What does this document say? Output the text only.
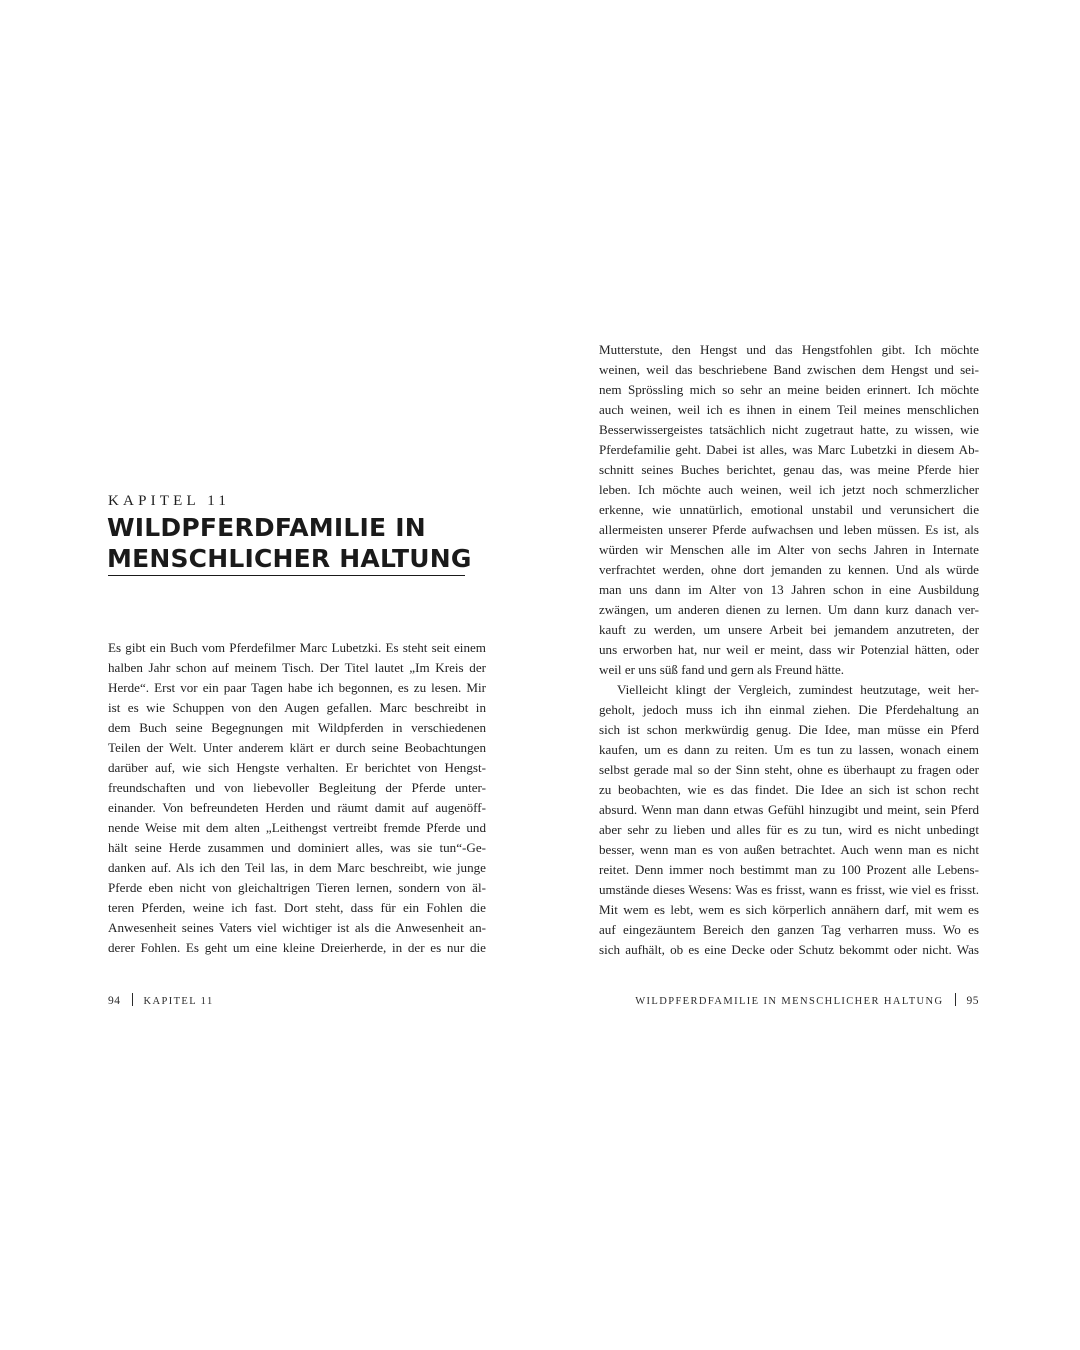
KAPITEL 11
WILDPFERDFAMILIE IN
MENSCHLICHER HALTUNG
Es gibt ein Buch vom Pferdefilmer Marc Lubetzki. Es steht seit einem
halben Jahr schon auf meinem Tisch. Der Titel lautet „Im Kreis der
Herde“. Erst vor ein paar Tagen habe ich begonnen, es zu lesen. Mir
ist es wie Schuppen von den Augen gefallen. Marc beschreibt in
dem Buch seine Begegnungen mit Wildpferden in verschiedenen
Teilen der Welt. Unter anderem klärt er durch seine Beobachtungen
darüber auf, wie sich Hengste verhalten. Er berichtet von Hengst-
freundschaften und von liebevoller Begleitung der Pferde unter-
einander. Von befreundeten Herden und räumt damit auf augenöff-
nende Weise mit dem alten „Leithengst vertreibt fremde Pferde und
hält seine Herde zusammen und dominiert alles, was sie tun“-Ge-
danken auf. Als ich den Teil las, in dem Marc beschreibt, wie junge
Pferde eben nicht von gleichaltrigen Tieren lernen, sondern von äl-
teren Pferden, weine ich fast. Dort steht, dass für ein Fohlen die
Anwesenheit seines Vaters viel wichtiger ist als die Anwesenheit an-
derer Fohlen. Es geht um eine kleine Dreierherde, in der es nur die
94 KAPITEL 11
Mutterstute, den Hengst und das Hengstfohlen gibt. Ich möchte
weinen, weil das beschriebene Band zwischen dem Hengst und sei-
nem Sprössling mich so sehr an meine beiden erinnert. Ich möchte
auch weinen, weil ich es ihnen in einem Teil meines menschlichen
Besserwissergeistes tatsächlich nicht zugetraut hatte, zu wissen, wie
Pferdefamilie geht. Dabei ist alles, was Marc Lubetzki in diesem Ab-
schnitt seines Buches berichtet, genau das, was meine Pferde hier
leben. Ich möchte auch weinen, weil ich jetzt noch schmerzlicher
erkenne, wie unnatürlich, emotional unstabil und verunsichert die
allermeisten unserer Pferde aufwachsen und leben müssen. Es ist, als
würden wir Menschen alle im Alter von sechs Jahren in Internate
verfrachtet werden, ohne dort jemanden zu kennen. Und als würde
man uns dann im Alter von 13 Jahren schon in eine Ausbildung
zwängen, um anderen dienen zu lernen. Um dann kurz danach ver-
kauft zu werden, um unsere Arbeit bei jemandem anzutreten, der
uns erworben hat, nur weil er meint, dass wir Potenzial hätten, oder
weil er uns süß fand und gern als Freund hätte.
Vielleicht klingt der Vergleich, zumindest heutzutage, weit her-
geholt, jedoch muss ich ihn einmal ziehen. Die Pferdehaltung an
sich ist schon merkwürdig genug. Die Idee, man müsse ein Pferd
kaufen, um es dann zu reiten. Um es tun zu lassen, wonach einem
selbst gerade mal so der Sinn steht, ohne es überhaupt zu fragen oder
zu beobachten, wie es das findet. Die Idee an sich ist schon recht
absurd. Wenn man dann etwas Gefühl hinzugibt und meint, sein Pferd
aber sehr zu lieben und alles für es zu tun, wird es nicht unbedingt
besser, wenn man es von außen betrachtet. Auch wenn man es nicht
reitet. Denn immer noch bestimmt man zu 100 Prozent alle Lebens-
umstände dieses Wesens: Was es frisst, wann es frisst, wie viel es frisst.
Mit wem es lebt, wem es sich körperlich annähern darf, mit wem es
auf eingezäuntem Bereich den ganzen Tag verharren muss. Wo es
sich aufhält, ob es eine Decke oder Schutz bekommt oder nicht. Was
WILDPFERDFAMILIE IN MENSCHLICHER HALTUNG 95
